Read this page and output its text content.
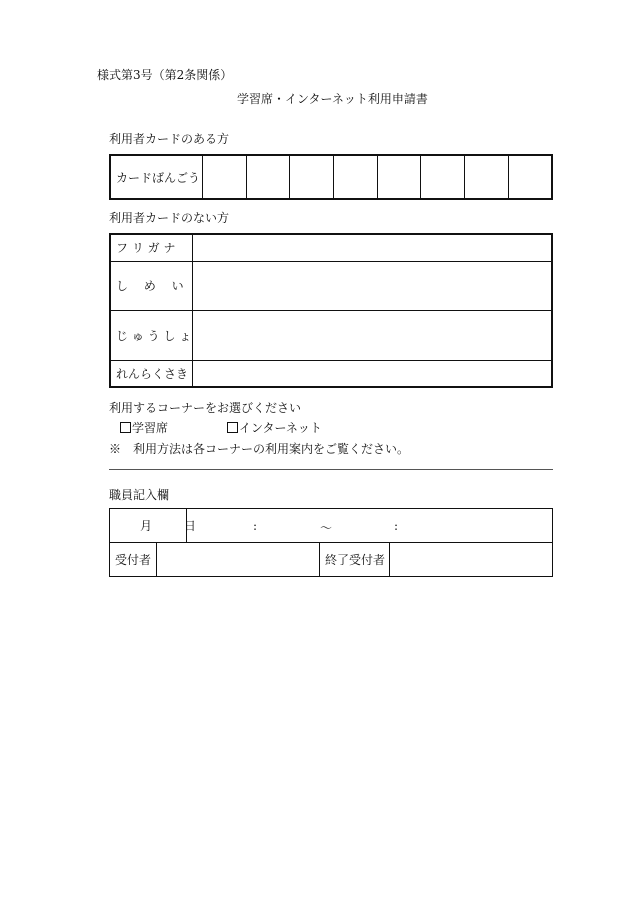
様式第3号（第2条関係）
学習席・インターネット利用申請書
利用者カードのある方
カードばんごう								
利用者カードのない方
フ リ ガ ナ	
し　 め　 い	
じ ゅ う し ょ	
れんらくさき	
利用するコーナーをお選びください
学習席	インターネット
※　利用方法は各コーナーの利用案内をご覧ください。
職員記入欄
月	日	:	～	:
受付者		終了受付者	
